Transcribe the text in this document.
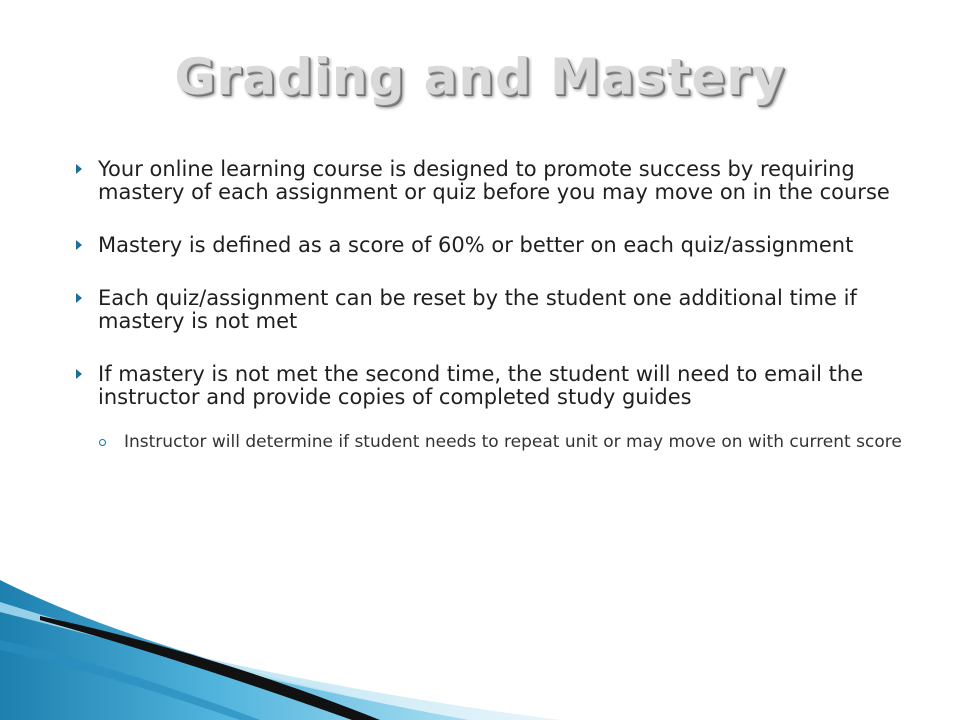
Grading and Mastery
Your online learning course is designed to promote success by requiring mastery of each assignment or quiz before you may move on in the course
Mastery is defined as a score of 60% or better on each quiz/assignment
Each quiz/assignment can be reset by the student one additional time if mastery is not met
If mastery is not met the second time, the student will need to email the instructor and provide copies of completed study guides
Instructor will determine if student needs to repeat unit or may move on with current score
